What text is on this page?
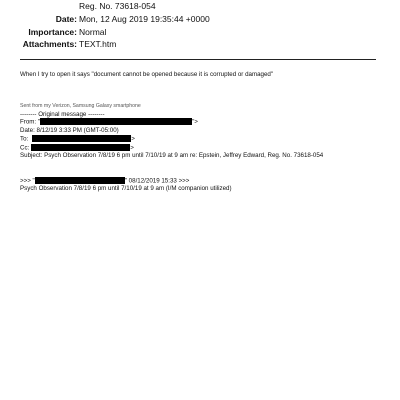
Reg. No. 73618-054
Date: Mon, 12 Aug 2019 19:35:44 +0000
Importance: Normal
Attachments: TEXT.htm
When I try to open it says "document cannot be opened because it is corrupted or damaged"
Sent from my Verizon, Samsung Galaxy smartphone
-------- Original message --------
From: "	">
Date: 8/12/19 3:33 PM (GMT-05:00)
To:	>
Cc:	>
Subject: Psych Observation 7/8/19 6 pm until 7/10/19 at 9 am re: Epstein, Jeffrey Edward, Reg. No. 73618-054
>>> "	" 08/12/2019 15:33 >>>
Psych Observation 7/8/19 6 pm until 7/10/19 at 9 am (I/M companion utilized)
